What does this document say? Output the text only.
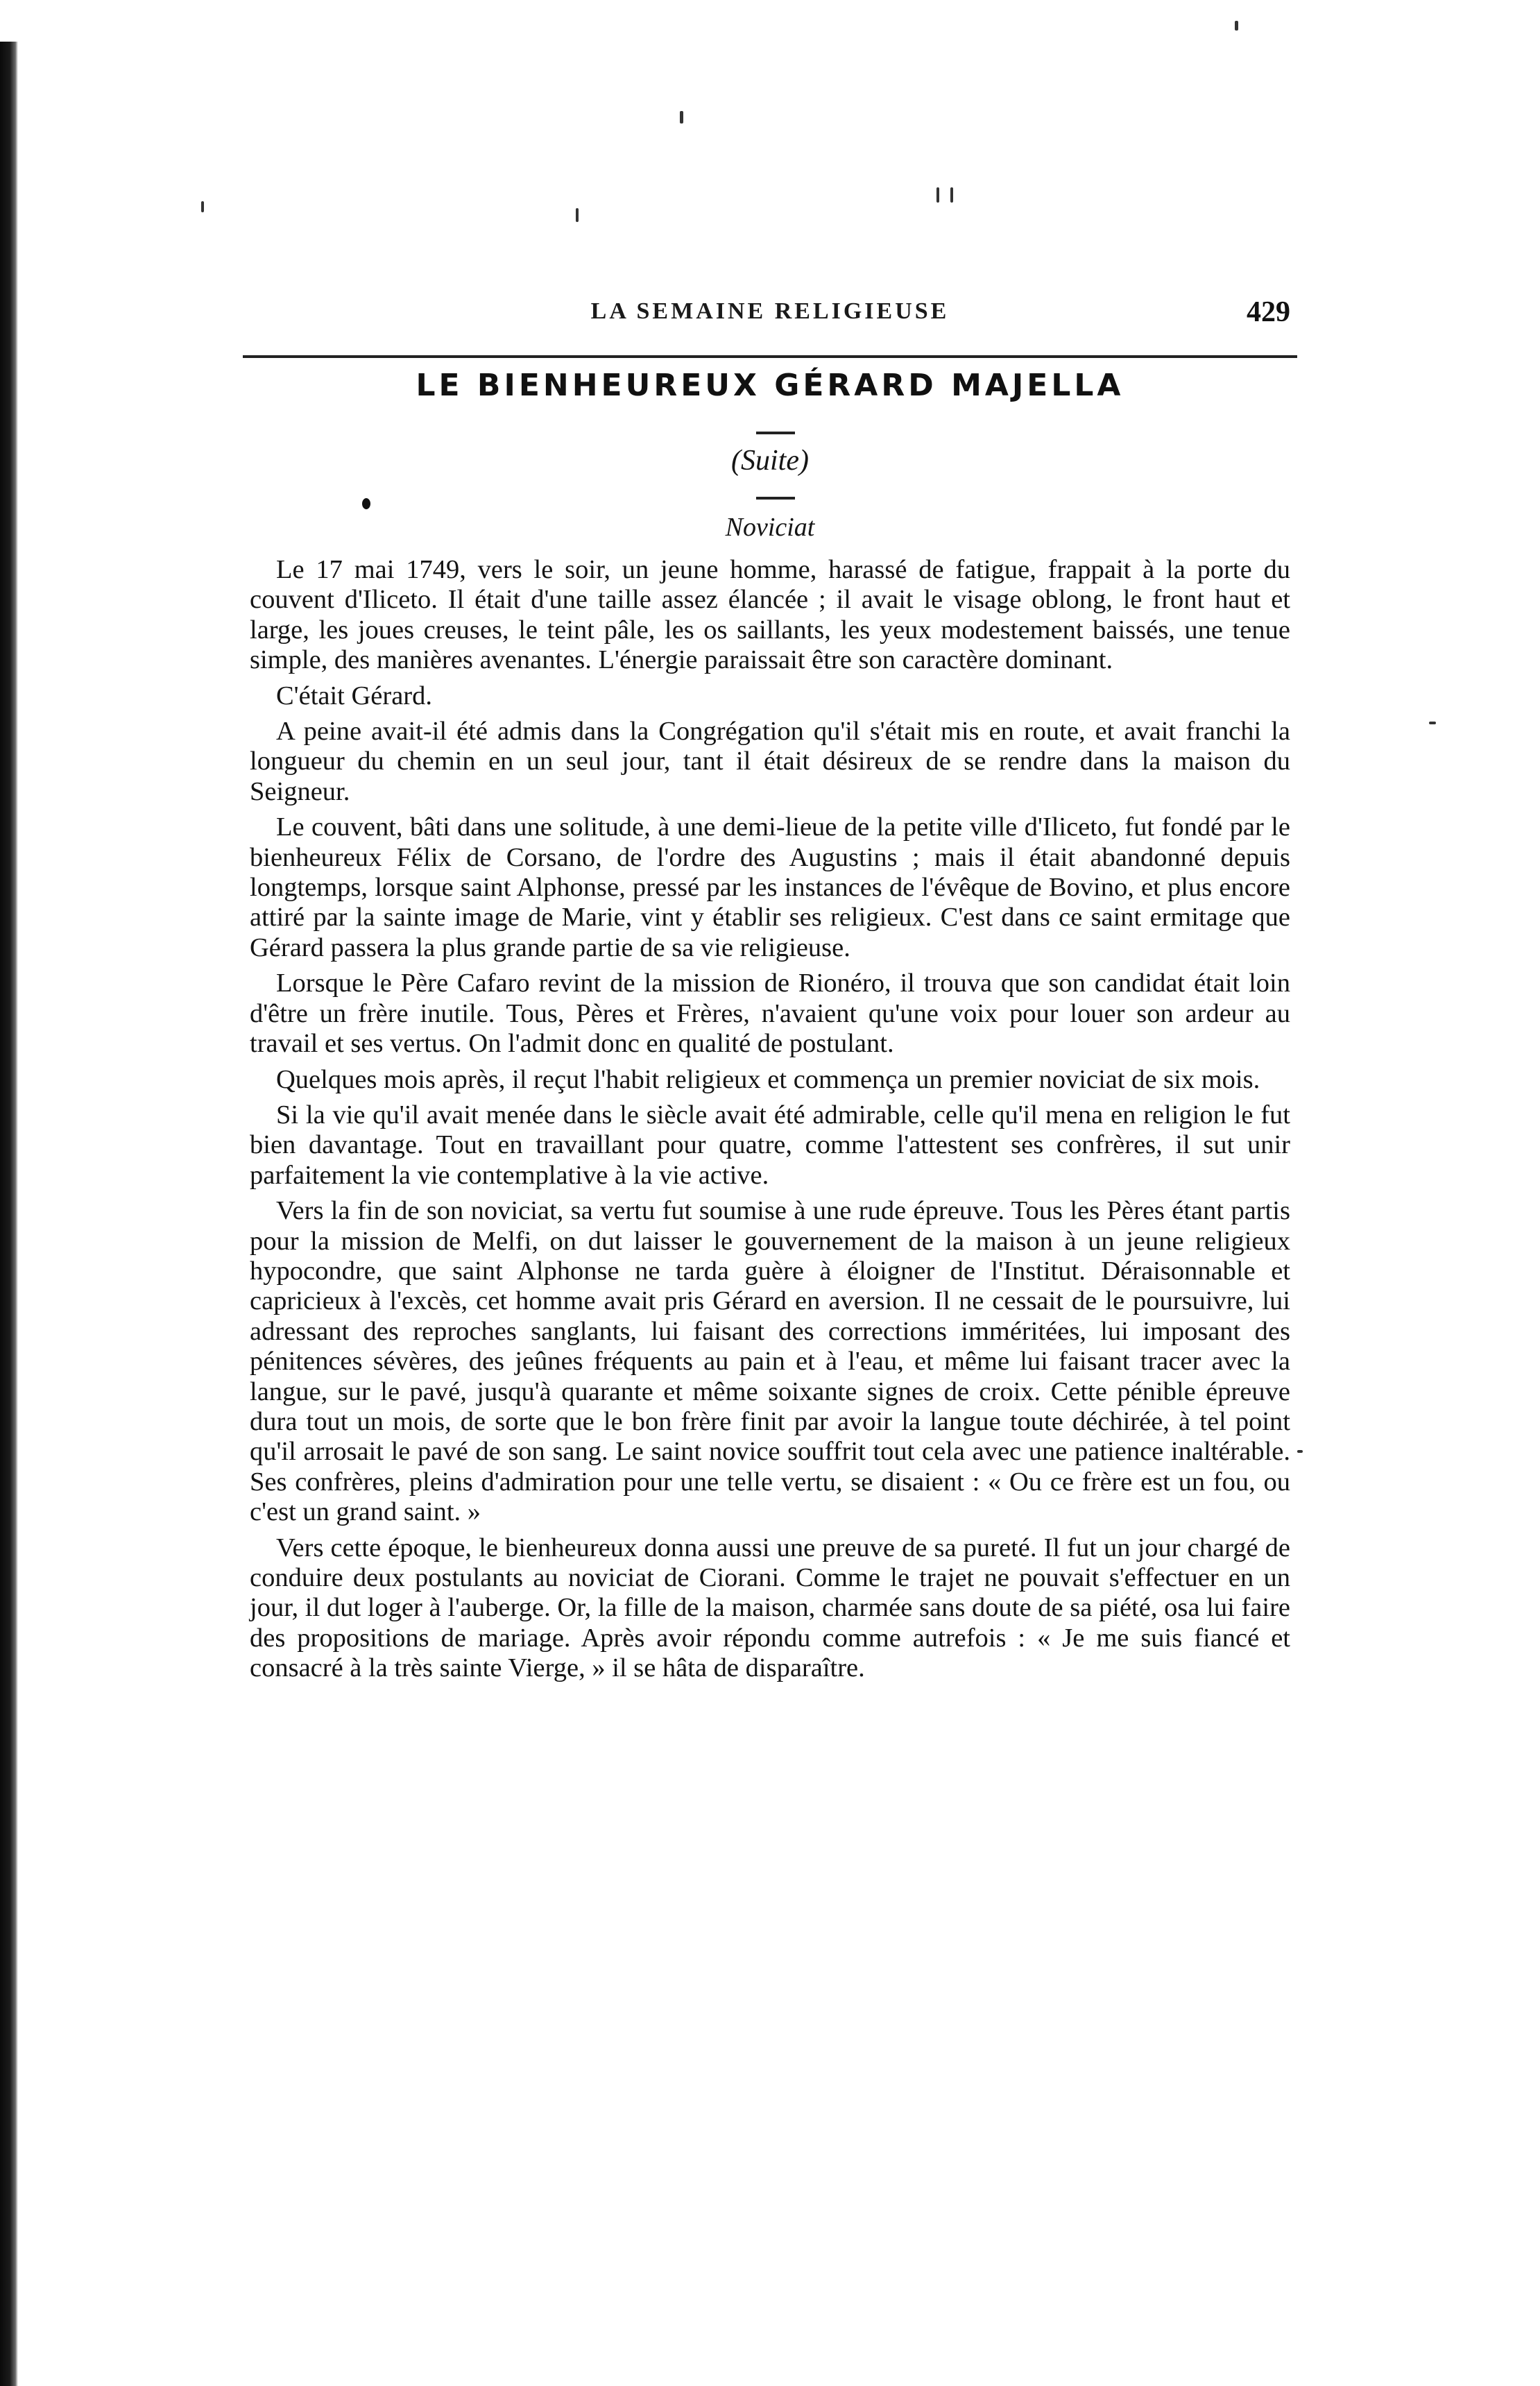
LA SEMAINE RELIGIEUSE	429
LE BIENHEUREUX GÉRARD MAJELLA
(Suite)
Noviciat

Le 17 mai 1749, vers le soir, un jeune homme, harassé de fatigue, frappait à la porte du couvent d'Iliceto. Il était d'une taille assez élancée ; il avait le visage oblong, le front haut et large, les joues creuses, le teint pâle, les os saillants, les yeux modestement baissés, une tenue simple, des manières avenantes. L'énergie paraissait être son caractère dominant.

C'était Gérard.

A peine avait-il été admis dans la Congrégation qu'il s'était mis en route, et avait franchi la longueur du chemin en un seul jour, tant il était désireux de se rendre dans la maison du Seigneur.

Le couvent, bâti dans une solitude, à une demi-lieue de la petite ville d'Iliceto, fut fondé par le bienheureux Félix de Corsano, de l'ordre des Augustins ; mais il était abandonné depuis longtemps, lorsque saint Alphonse, pressé par les instances de l'évêque de Bovino, et plus encore attiré par la sainte image de Marie, vint y établir ses religieux. C'est dans ce saint ermitage que Gérard passera la plus grande partie de sa vie religieuse.

Lorsque le Père Cafaro revint de la mission de Rionéro, il trouva que son candidat était loin d'être un frère inutile. Tous, Pères et Frères, n'avaient qu'une voix pour louer son ardeur au travail et ses vertus. On l'admit donc en qualité de postulant.

Quelques mois après, il reçut l'habit religieux et commença un premier noviciat de six mois.

Si la vie qu'il avait menée dans le siècle avait été admirable, celle qu'il mena en religion le fut bien davantage. Tout en travaillant pour quatre, comme l'attestent ses confrères, il sut unir parfaitement la vie contemplative à la vie active.

Vers la fin de son noviciat, sa vertu fut soumise à une rude épreuve. Tous les Pères étant partis pour la mission de Melfi, on dut laisser le gouvernement de la maison à un jeune religieux hypocondre, que saint Alphonse ne tarda guère à éloigner de l'Institut. Déraisonnable et capricieux à l'excès, cet homme avait pris Gérard en aversion. Il ne cessait de le poursuivre, lui adressant des reproches sanglants, lui faisant des corrections imméritées, lui imposant des pénitences sévères, des jeûnes fréquents au pain et à l'eau, et même lui faisant tracer avec la langue, sur le pavé, jusqu'à quarante et même soixante signes de croix. Cette pénible épreuve dura tout un mois, de sorte que le bon frère finit par avoir la langue toute déchirée, à tel point qu'il arrosait le pavé de son sang. Le saint novice souffrit tout cela avec une patience inaltérable. Ses confrères, pleins d'admiration pour une telle vertu, se disaient : « Ou ce frère est un fou, ou c'est un grand saint. »

Vers cette époque, le bienheureux donna aussi une preuve de sa pureté. Il fut un jour chargé de conduire deux postulants au noviciat de Ciorani. Comme le trajet ne pouvait s'effectuer en un jour, il dut loger à l'auberge. Or, la fille de la maison, charmée sans doute de sa piété, osa lui faire des propositions de mariage. Après avoir répondu comme autrefois : « Je me suis fiancé et consacré à la très sainte Vierge, » il se hâta de disparaître.
